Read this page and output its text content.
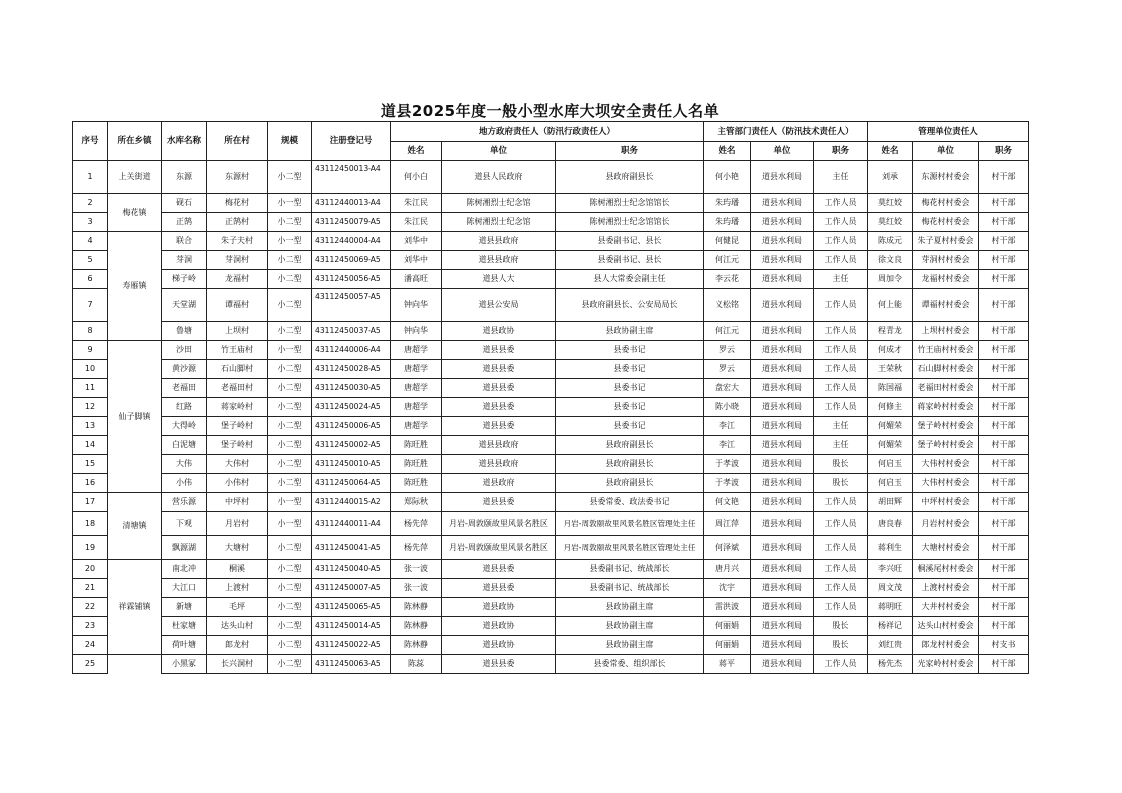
道县2025年度一般小型水库大坝安全责任人名单
序号	所在乡镇	水库名称	所在村	规模	注册登记号	地方政府责任人（防汛行政责任人）			主管部门责任人（防汛技术责任人）			管理单位责任人		
						姓名	单位	职务	姓名	单位	职务	姓名	单位	职务
1	上关街道	东源	东源村	小二型	43112450013-A4	何小白	道县人民政府	县政府副县长	何小艳	道县水利局	主任	刘承	东源村村委会	村干部
2	梅花镇	砚石	梅花村	小一型	43112440013-A4	朱江民	陈树湘烈士纪念馆	陈树湘烈士纪念馆馆长	朱玙璠	道县水利局	工作人员	莫红姣	梅花村村委会	村干部
3		正鹄	正鹄村	小二型	43112450079-A5	朱江民	陈树湘烈士纪念馆	陈树湘烈士纪念馆馆长	朱玙璠	道县水利局	工作人员	莫红姣	梅花村村委会	村干部
4	寿雁镇	联合	朱子夫村	小一型	43112440004-A4	刘华中	道县县政府	县委副书记、县长	何健昆	道县水利局	工作人员	陈成元	朱子夏村村委会	村干部
5		芽洞	芽洞村	小二型	43112450069-A5	刘华中	道县县政府	县委副书记、县长	何江元	道县水利局	工作人员	徐文良	芽洞村村委会	村干部
6		梯子岭	龙福村	小二型	43112450056-A5	潘高旺	道县人大	县人大常委会副主任	李云花	道县水利局	主任	周加令	龙福村村委会	村干部
7		天堂湖	谭福村	小二型	43112450057-A5	钟向华	道县公安局	县政府副县长、公安局局长	义松铭	道县水利局	工作人员	何上能	谭福村村委会	村干部
8		鲁塘	上坝村	小二型	43112450037-A5	钟向华	道县政协	县政协副主席	何江元	道县水利局	工作人员	程青龙	上坝村村委会	村干部
9	仙子脚镇	沙田	竹王庙村	小一型	43112440006-A4	唐超学	道县县委	县委书记	罗云	道县水利局	工作人员	何成才	竹王庙村村委会	村干部
10		黄沙源	石山脚村	小二型	43112450028-A5	唐超学	道县县委	县委书记	罗云	道县水利局	工作人员	王荣秋	石山脚村村委会	村干部
11		老福田	老福田村	小二型	43112450030-A5	唐超学	道县县委	县委书记	盘宏大	道县水利局	工作人员	陈国福	老福田村村委会	村干部
12		红路	蒋家岭村	小二型	43112450024-A5	唐超学	道县县委	县委书记	陈小晓	道县水利局	工作人员	何修主	蒋家岭村村委会	村干部
13		大得岭	堡子岭村	小二型	43112450006-A5	唐超学	道县县委	县委书记	李江	道县水利局	主任	何媚荣	堡子岭村村委会	村干部
14		白泥塘	堡子岭村	小二型	43112450002-A5	陈旺胜	道县县政府	县政府副县长	李江	道县水利局	主任	何媚荣	堡子岭村村委会	村干部
15		大伟	大伟村	小二型	43112450010-A5	陈旺胜	道县县政府	县政府副县长	于孝波	道县水利局	股长	何启玉	大伟村村委会	村干部
16		小伟	小伟村	小二型	43112450064-A5	陈旺胜	道县政府	县政府副县长	于孝波	道县水利局	股长	何启玉	大伟村村委会	村干部
17	清塘镇	营乐源	中坪村	小一型	43112440015-A2	郑际秋	道县县委	县委常委、政法委书记	何文艳	道县水利局	工作人员	胡田辉	中坪村村委会	村干部
18		下观	月岩村	小一型	43112440011-A4	杨先萍	月岩-周敦颐故里风景名胜区	月岩-周敦颐故里风景名胜区管理处主任	周江萍	道县水利局	工作人员	唐良春	月岩村村委会	村干部
19		飘源湖	大塘村	小二型	43112450041-A5	杨先萍	月岩-周敦颐故里风景名胜区	月岩-周敦颐故里风景名胜区管理处主任	何泽斌	道县水利局	工作人员	蒋利生	大塘村村委会	村干部
20	祥霖铺镇	南北冲	桐溪	小二型	43112450040-A5	张一波	道县县委	县委副书记、统战部长	唐月兴	道县水利局	工作人员	李兴旺	桐溪尾村村委会	村干部
21		大江口	上渡村	小二型	43112450007-A5	张一波	道县县委	县委副书记、统战部长	沈宇	道县水利局	工作人员	周文茂	上渡村村委会	村干部
22		新塘	毛坪	小二型	43112450065-A5	陈林静	道县政协	县政协副主席	雷洪波	道县水利局	工作人员	蒋明旺	大井村村委会	村干部
23		杜家塘	达头山村	小二型	43112450014-A5	陈林静	道县政协	县政协副主席	何丽娟	道县水利局	股长	杨祥记	达头山村村委会	村干部
24		荷叶塘	郎龙村	小二型	43112450022-A5	陈林静	道县政协	县政协副主席	何丽娟	道县水利局	股长	刘红贵	郎龙村村委会	村支书
25		小黑冢	长兴洞村	小二型	43112450063-A5	陈蕊	道县县委	县委常委、组织部长	蒋平	道县水利局	工作人员	杨先杰	光家岭村村委会	村干部
